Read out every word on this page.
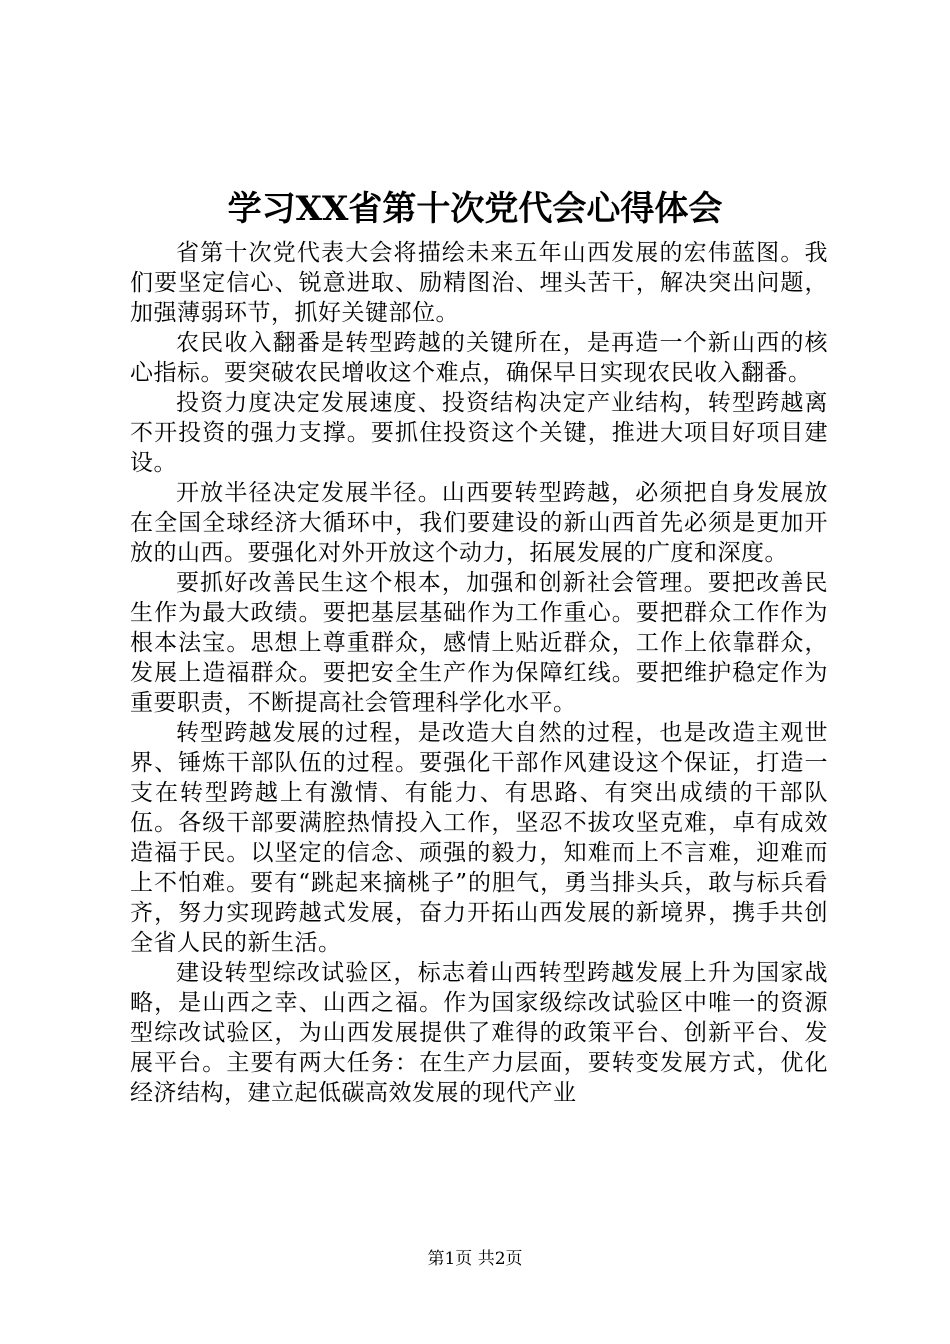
学习XX省第十次党代会心得体会

省第十次党代表大会将描绘未来五年山西发展的宏伟蓝图。我们要坚定信心、锐意进取、励精图治、埋头苦干，解决突出问题，加强薄弱环节，抓好关键部位。

农民收入翻番是转型跨越的关键所在，是再造一个新山西的核心指标。要突破农民增收这个难点，确保早日实现农民收入翻番。

投资力度决定发展速度、投资结构决定产业结构，转型跨越离不开投资的强力支撑。要抓住投资这个关键，推进大项目好项目建设。

开放半径决定发展半径。山西要转型跨越，必须把自身发展放在全国全球经济大循环中，我们要建设的新山西首先必须是更加开放的山西。要强化对外开放这个动力，拓展发展的广度和深度。

要抓好改善民生这个根本，加强和创新社会管理。要把改善民生作为最大政绩。要把基层基础作为工作重心。要把群众工作作为根本法宝。思想上尊重群众，感情上贴近群众，工作上依靠群众，发展上造福群众。要把安全生产作为保障红线。要把维护稳定作为重要职责，不断提高社会管理科学化水平。

转型跨越发展的过程，是改造大自然的过程，也是改造主观世界、锤炼干部队伍的过程。要强化干部作风建设这个保证，打造一支在转型跨越上有激情、有能力、有思路、有突出成绩的干部队伍。各级干部要满腔热情投入工作，坚忍不拔攻坚克难，卓有成效造福于民。以坚定的信念、顽强的毅力，知难而上不言难，迎难而上不怕难。要有“跳起来摘桃子”的胆气，勇当排头兵，敢与标兵看齐，努力实现跨越式发展，奋力开拓山西发展的新境界，携手共创全省人民的新生活。

建设转型综改试验区，标志着山西转型跨越发展上升为国家战略，是山西之幸、山西之福。作为国家级综改试验区中唯一的资源型综改试验区，为山西发展提供了难得的政策平台、创新平台、发展平台。主要有两大任务：在生产力层面，要转变发展方式，优化经济结构，建立起低碳高效发展的现代产业

第1页 共2页
